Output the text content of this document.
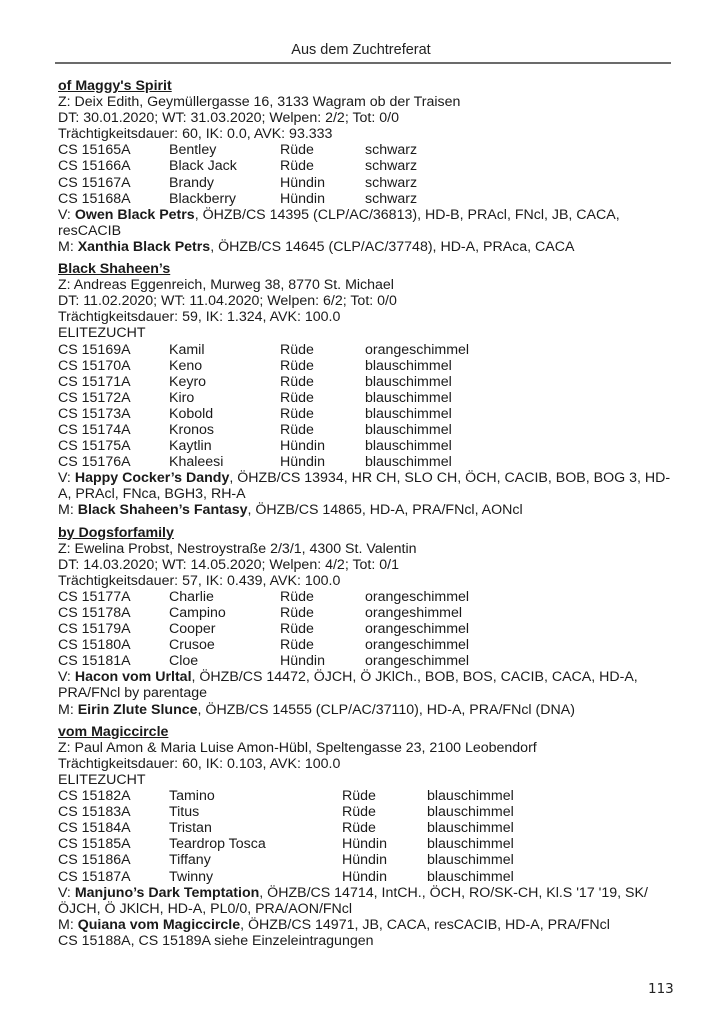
Aus dem Zuchtreferat
of Maggy's Spirit
Z: Deix Edith, Geymüllergasse 16, 3133 Wagram ob der Traisen
DT: 30.01.2020; WT: 31.03.2020; Welpen: 2/2; Tot: 0/0
Trächtigkeitsdauer: 60, IK: 0.0, AVK: 93.333
CS 15165A	Bentley	Rüde	schwarz
CS 15166A	Black Jack	Rüde	schwarz
CS 15167A	Brandy	Hündin	schwarz
CS 15168A	Blackberry	Hündin	schwarz
V: Owen Black Petrs, ÖHZB/CS 14395 (CLP/AC/36813), HD-B, PRAcl, FNcl, JB, CACA, resCACIB
M: Xanthia Black Petrs, ÖHZB/CS 14645 (CLP/AC/37748), HD-A, PRAca, CACA
Black Shaheen’s
Z: Andreas Eggenreich, Murweg 38, 8770 St. Michael
DT: 11.02.2020; WT: 11.04.2020; Welpen: 6/2; Tot: 0/0
Trächtigkeitsdauer: 59, IK: 1.324, AVK: 100.0
ELITEZUCHT
CS 15169A	Kamil	Rüde	orangeschimmel
CS 15170A	Keno	Rüde	blauschimmel
CS 15171A	Keyro	Rüde	blauschimmel
CS 15172A	Kiro	Rüde	blauschimmel
CS 15173A	Kobold	Rüde	blauschimmel
CS 15174A	Kronos	Rüde	blauschimmel
CS 15175A	Kaytlin	Hündin	blauschimmel
CS 15176A	Khaleesi	Hündin	blauschimmel
V: Happy Cocker’s Dandy, ÖHZB/CS 13934, HR CH, SLO CH, ÖCH, CACIB, BOB, BOG 3, HD-A, PRAcl, FNca, BGH3, RH-A
M: Black Shaheen’s Fantasy, ÖHZB/CS 14865, HD-A, PRA/FNcl, AONcl
by Dogsforfamily
Z: Ewelina Probst, Nestroystraße 2/3/1, 4300 St. Valentin
DT: 14.03.2020; WT: 14.05.2020; Welpen: 4/2; Tot: 0/1
Trächtigkeitsdauer: 57, IK: 0.439, AVK: 100.0
CS 15177A	Charlie	Rüde	orangeschimmel
CS 15178A	Campino	Rüde	orangeshimmel
CS 15179A	Cooper	Rüde	orangeschimmel
CS 15180A	Crusoe	Rüde	orangeschimmel
CS 15181A	Cloe	Hündin	orangeschimmel
V: Hacon vom Urltal, ÖHZB/CS 14472, ÖJCH, Ö JKlCh., BOB, BOS, CACIB, CACA, HD-A, PRA/FNcl by parentage
M: Eirin Zlute Slunce, ÖHZB/CS 14555 (CLP/AC/37110), HD-A, PRA/FNcl (DNA)
vom Magiccircle
Z: Paul Amon & Maria Luise Amon-Hübl, Speltengasse 23, 2100 Leobendorf
Trächtigkeitsdauer: 60, IK: 0.103, AVK: 100.0
ELITEZUCHT
CS 15182A	Tamino	Rüde	blauschimmel
CS 15183A	Titus	Rüde	blauschimmel
CS 15184A	Tristan	Rüde	blauschimmel
CS 15185A	Teardrop Tosca	Hündin	blauschimmel
CS 15186A	Tiffany	Hündin	blauschimmel
CS 15187A	Twinny	Hündin	blauschimmel
V: Manjuno’s Dark Temptation, ÖHZB/CS 14714, IntCH., ÖCH, RO/SK-CH, Kl.S '17 '19, SK/ÖJCH, Ö JKlCH, HD-A, PL0/0, PRA/AON/FNcl
M: Quiana vom Magiccircle, ÖHZB/CS 14971, JB, CACA, resCACIB, HD-A, PRA/FNcl
CS 15188A, CS 15189A siehe Einzeleintragungen
113
